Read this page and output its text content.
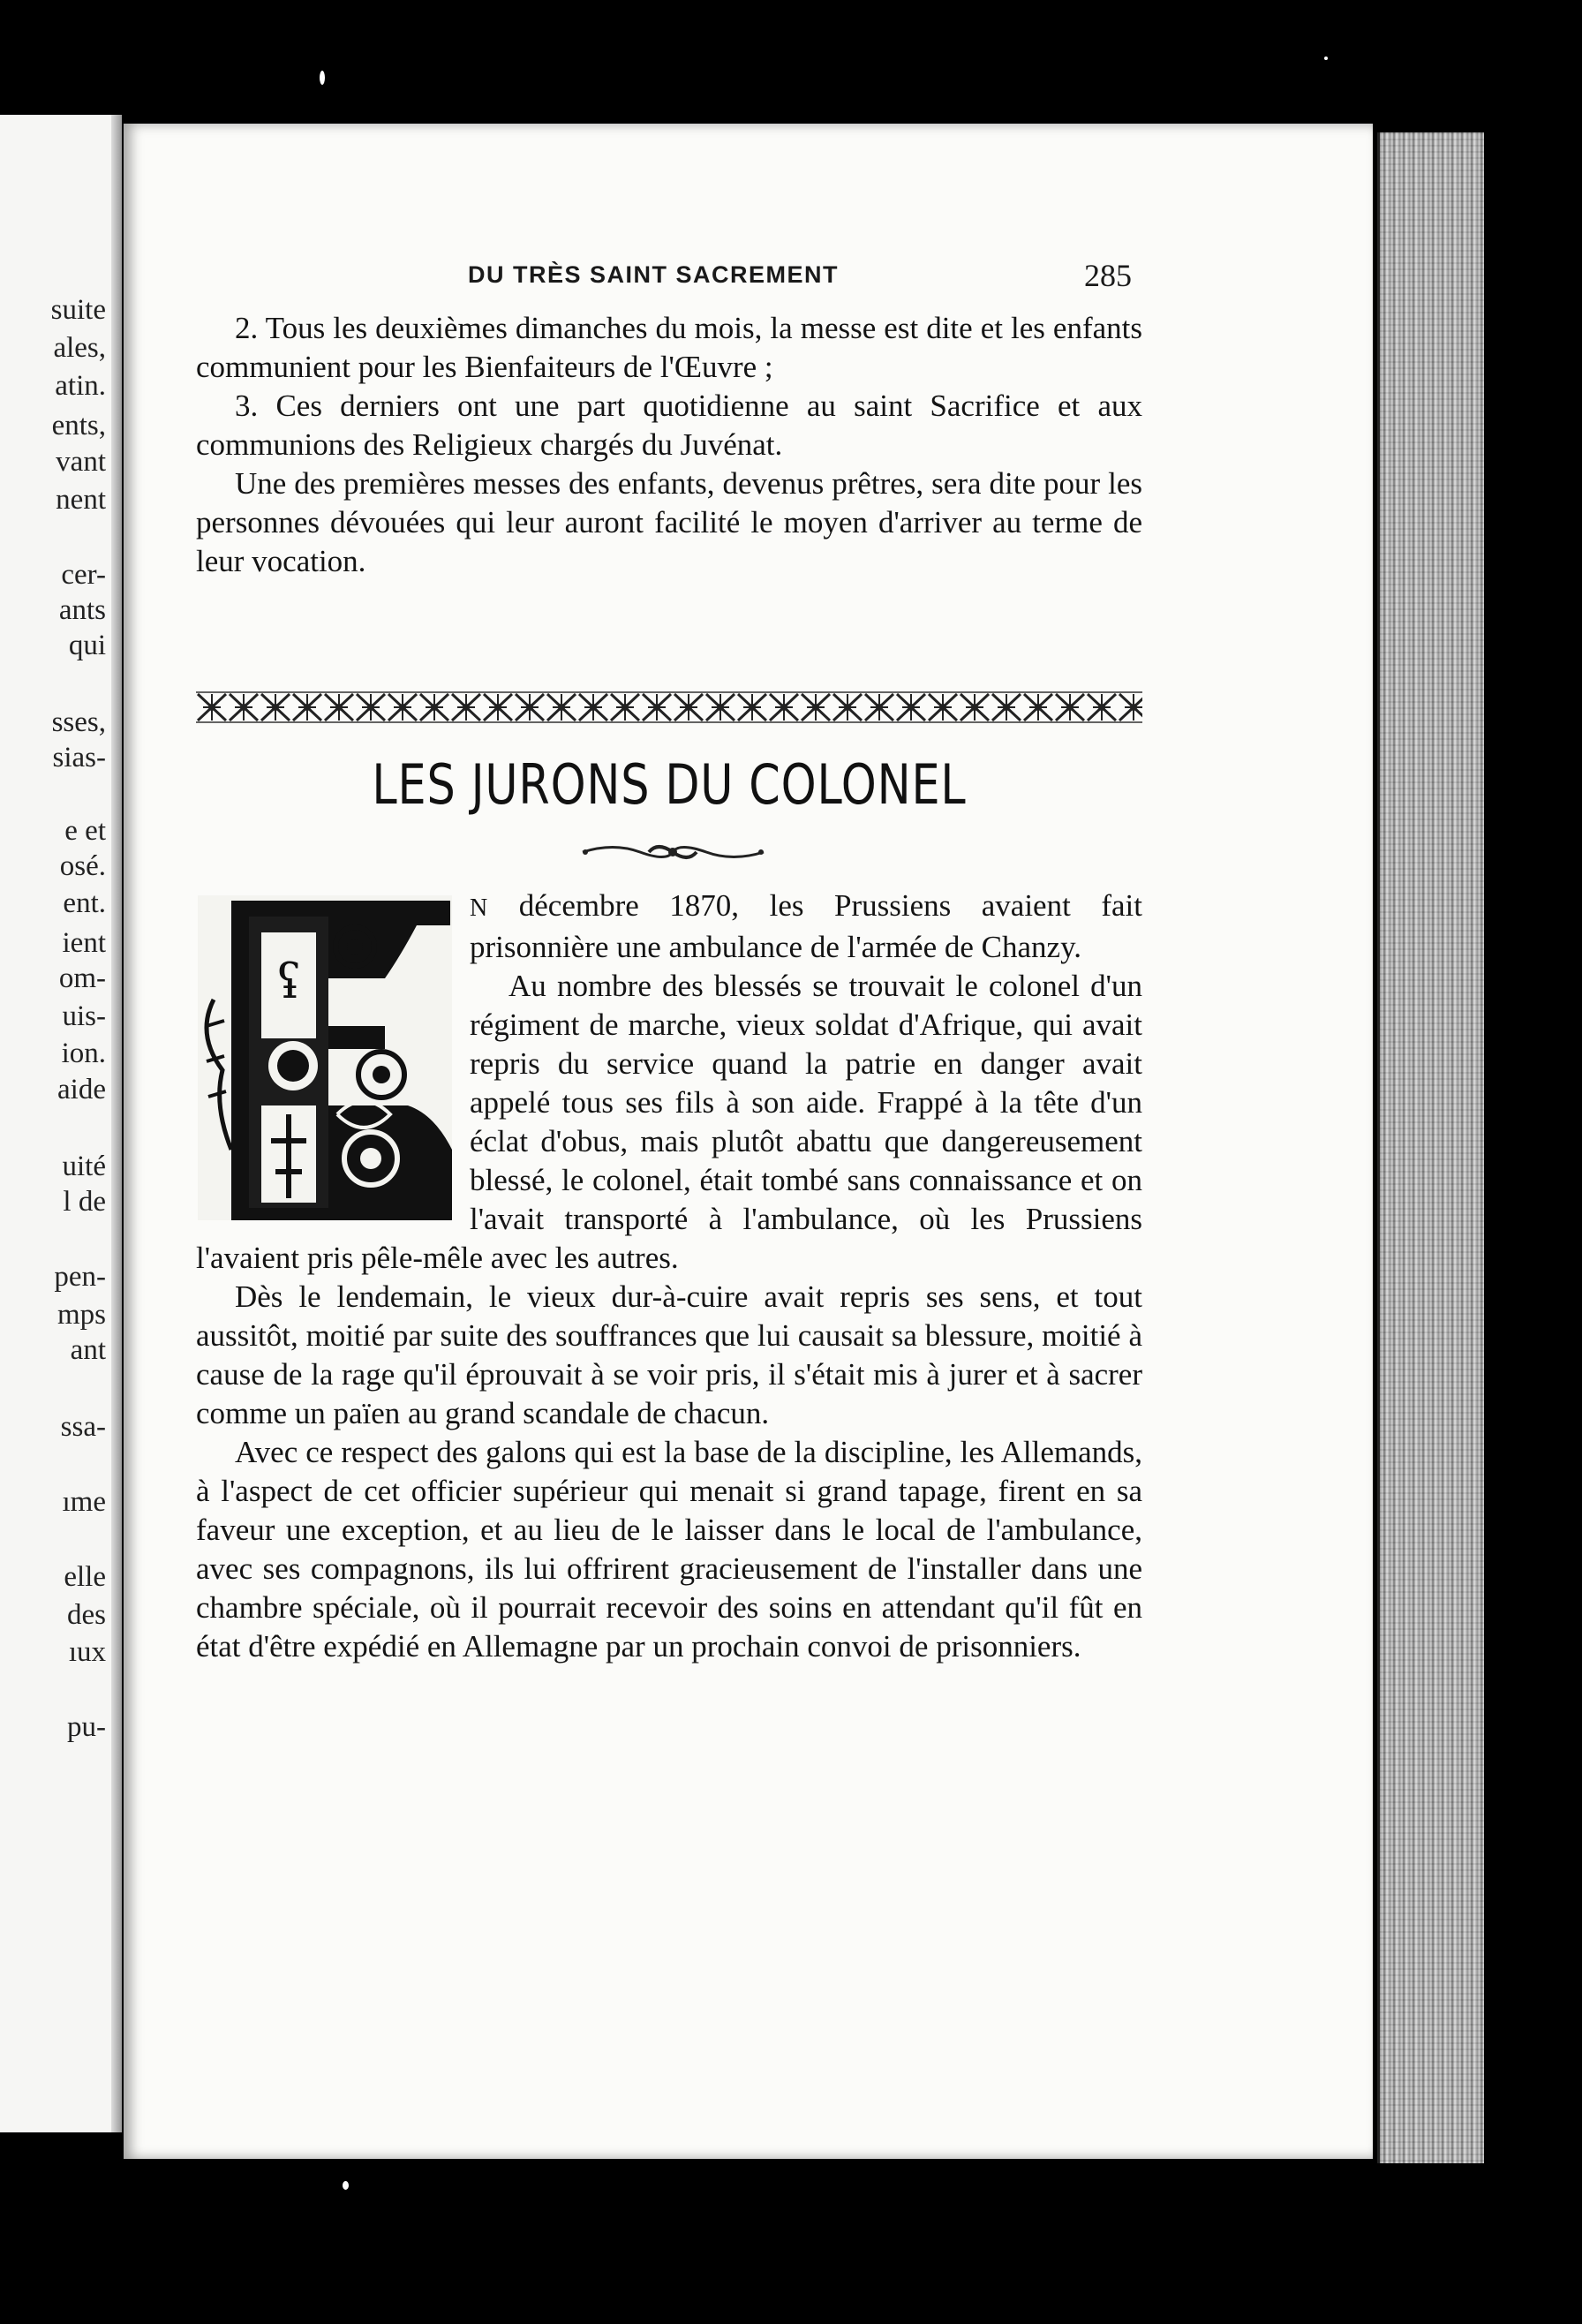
suite
ales,
atin.
ents,
vant
nent
cer-
ants
qui
sses,
sias-
e et
osé.
ent.
ient
om-
uis-
ion.
aide
uité
l de
pen-
mps
ant
ssa-
ıme
elle
des
ıux
pu-
DU TRÈS SAINT SACREMENT	285

2. Tous les deuxièmes dimanches du mois, la messe est dite et les enfants communient pour les Bienfaiteurs de l'Œuvre ;

3. Ces derniers ont une part quotidienne au saint Sacrifice et aux communions des Religieux chargés du Juvénat.

Une des premières messes des enfants, devenus prêtres, sera dite pour les personnes dévouées qui leur auront facilité le moyen d'arriver au terme de leur vocation.

LES JURONS DU COLONEL
ʢ

N décembre 1870, les Prussiens avaient fait prisonnière une ambulance de l'armée de Chanzy.

Au nombre des blessés se trouvait le colonel d'un régiment de marche, vieux soldat d'Afrique, qui avait repris du service quand la patrie en danger avait appelé tous ses fils à son aide. Frappé à la tête d'un éclat d'obus, mais plutôt abattu que dangereusement blessé, le colonel, était tombé sans connaissance et on l'avait transporté à l'ambulance, où les Prussiens l'avaient pris pêle-mêle avec les autres.

Dès le lendemain, le vieux dur-à-cuire avait repris ses sens, et tout aussitôt, moitié par suite des souffrances que lui causait sa blessure, moitié à cause de la rage qu'il éprouvait à se voir pris, il s'était mis à jurer et à sacrer comme un païen au grand scandale de chacun.

Avec ce respect des galons qui est la base de la discipline, les Allemands, à l'aspect de cet officier supérieur qui menait si grand tapage, firent en sa faveur une exception, et au lieu de le laisser dans le local de l'ambulance, avec ses compagnons, ils lui offrirent gracieusement de l'installer dans une chambre spéciale, où il pourrait recevoir des soins en attendant qu'il fût en état d'être expédié en Allemagne par un prochain convoi de prisonniers.
